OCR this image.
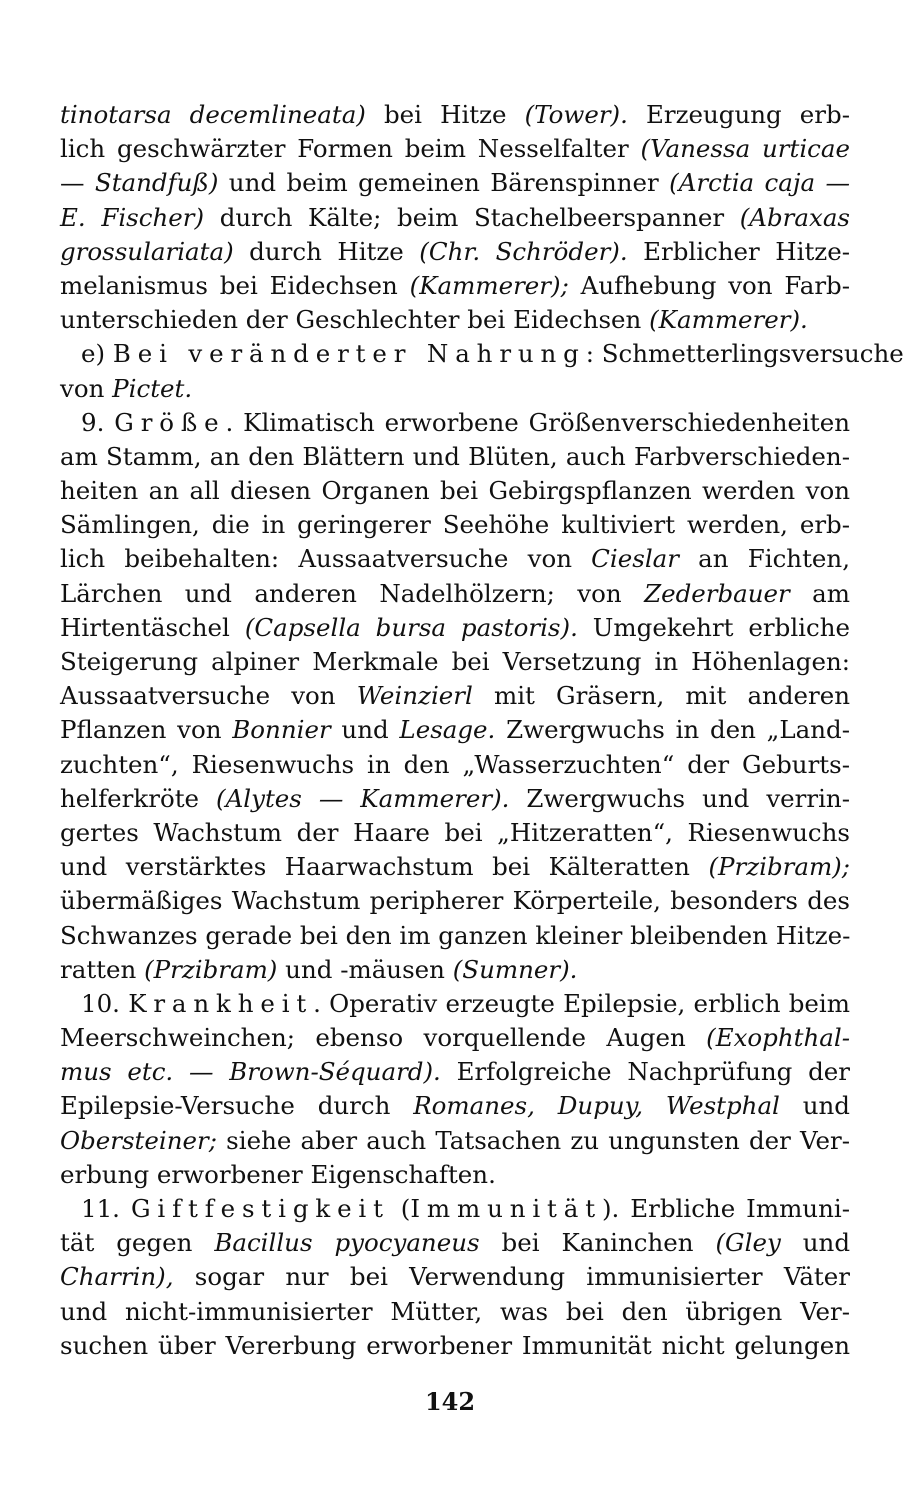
tinotarsa decemlineata) bei Hitze (Tower). Erzeugung erb-
lich geschwärzter Formen beim Nesselfalter (Vanessa urticae
— Standfuß) und beim gemeinen Bärenspinner (Arctia caja —
E. Fischer) durch Kälte; beim Stachelbeerspanner (Abraxas
grossulariata) durch Hitze (Chr. Schröder). Erblicher Hitze-
melanismus bei Eidechsen (Kammerer); Aufhebung von Farb-
unterschieden der Geschlechter bei Eidechsen (Kammerer).
e) Bei veränderter Nahrung: Schmetterlingsversuche
von Pictet.
9. Größe. Klimatisch erworbene Größenverschiedenheiten
am Stamm, an den Blättern und Blüten, auch Farbverschieden-
heiten an all diesen Organen bei Gebirgspflanzen werden von
Sämlingen, die in geringerer Seehöhe kultiviert werden, erb-
lich beibehalten: Aussaatversuche von Cieslar an Fichten,
Lärchen und anderen Nadelhölzern; von Zederbauer am
Hirtentäschel (Capsella bursa pastoris). Umgekehrt erbliche
Steigerung alpiner Merkmale bei Versetzung in Höhenlagen:
Aussaatversuche von Weinzierl mit Gräsern, mit anderen
Pflanzen von Bonnier und Lesage. Zwergwuchs in den „Land-
zuchten“, Riesenwuchs in den „Wasserzuchten“ der Geburts-
helferkröte (Alytes — Kammerer). Zwergwuchs und verrin-
gertes Wachstum der Haare bei „Hitzeratten“, Riesenwuchs
und verstärktes Haarwachstum bei Kälteratten (Przibram);
übermäßiges Wachstum peripherer Körperteile, besonders des
Schwanzes gerade bei den im ganzen kleiner bleibenden Hitze-
ratten (Przibram) und -mäusen (Sumner).
10. Krankheit. Operativ erzeugte Epilepsie, erblich beim
Meerschweinchen; ebenso vorquellende Augen (Exophthal-
mus etc. — Brown-Séquard). Erfolgreiche Nachprüfung der
Epilepsie-Versuche durch Romanes, Dupuy, Westphal und
Obersteiner; siehe aber auch Tatsachen zu ungunsten der Ver-
erbung erworbener Eigenschaften.
11. Giftfestigkeit (Immunität). Erbliche Immuni-
tät gegen Bacillus pyocyaneus bei Kaninchen (Gley und
Charrin), sogar nur bei Verwendung immunisierter Väter
und nicht-immunisierter Mütter, was bei den übrigen Ver-
suchen über Vererbung erworbener Immunität nicht gelungen
142
